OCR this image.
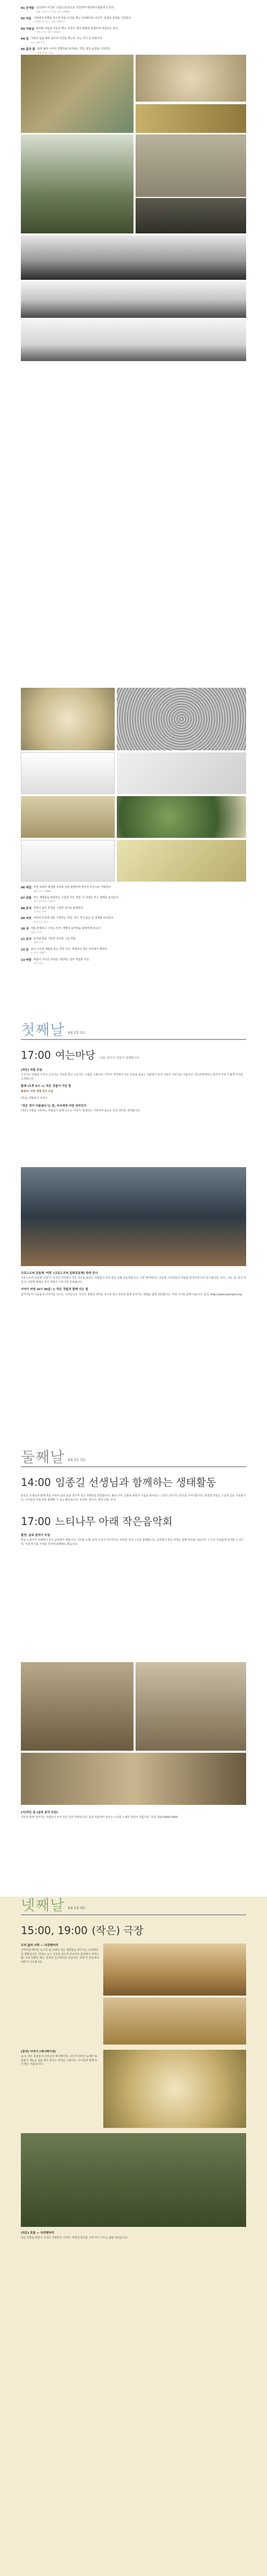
01 산새들 런던에서 사진과 그림(드로잉)으로 작업하며 영국에서 활동하고 있다.
해외 사진작가 / 영국 거주 / 2008~
02 마을 서울에서 텃밭을 일구며 마을 사진을 찍는 다큐멘터리 사진가. 일상의 풍경을 기록한다.
다큐멘터리 사진 / 서울 / 2012~
03 여름날 바다와 하늘을 꾸준히 찍는 사진가. 빛의 변화를 관찰하며 작업하고 있다.
풍경 사진 / 제주 / 2010~
04 길 자연의 길을 따라 걸으며 사진을 찍는다. 걷는 것이 곧 작업이다.
도보 여행 사진
05 흙과 풀 흙과 풀과 나무의 생명력을 담아내는 작업. 땅의 숨결을 기록한다.
생태 사진 / 강원
06 채집 자연 속에서 채집한 씨앗과 잎을 관찰하며 현미경 사진으로 기록한다.
생태 기록 / 2009~
07 관찰 작은 생명들을 관찰하는 그림과 사진 작업. 이 작업은 미시 세계를 보여준다.
과학 일러스트 / 2011~
08 흔적 자연이 남긴 흔적을 그림과 글씨로 표현한다.
드로잉 / 서예
09 씨앗 씨앗의 모양과 색을 기록하는 작업. 작은 것이 품은 큰 세계를 보여준다.
씨앗 도감 작업
10 새 새를 관찰하고 그리는 작가. 생명의 움직임을 섬세하게 담는다.
생물 드로잉
11 둥지 둥지와 알을 기록한 사진과 그림 작업.
생태 기록
12 숲 숲의 시간과 계절을 담은 연작 사진. 계절마다 같은 자리에서 찍었다.
숲 연작 / 2007~
13 바람 바람이 지나간 자리를 기록하는 설치 작업과 사진.
설치 미술
첫째날 9월 2일 (토)
17:00 여는마당 사회: 참가자 전원이 함께합니다
(작은) 자들 모임
누군가는 텃밭을 가꾸고 누군가는 사진을 찍고 누군가는 그림을 그립니다. 각자의 자리에서 작은 것들을 돌보는 사람들이 모여 서로의 이야기를 나눕니다. 여는마당에서는 참가자 모두가 짧게 자신을 소개합니다.
발제 (오후 5시~): 작은 것들이 가진 힘
발제자: 자연 생태 작가 모임
(작은) 생명들의 이야기
"작은 것이 아름답다"는 말, 우리에게 어떤 의미인가
(작은) 식물을 기록하는 사람들이 함께 나누는 이야기. 관찰하고 기록하며 돌보는 일의 의미를 생각합니다.
크로스오버 공동체 '여럿' (크로스오버 문화공동체) 연대 전시
크로스오버 공동체 '여럿'은 각자의 자리에서 작은 것들을 돌보는 사람들이 모여 만든 문화 공동체입니다. 이번 행사에서는 공동체 구성원들의 작업을 한자리에 모아 전시합니다. 사진, 그림, 글, 설치 작업 등 다양한 매체로 작은 생명의 이야기를 들려줍니다.
이야기 마당 (6시 30분~): 작은 것들과 함께 사는 법
참가자들이 자유롭게 이야기를 나누는 시간입니다. 각자의 경험과 생각을 나누며 작은 것들과 함께 살아가는 방법을 함께 고민합니다. 저녁 식사를 함께 나눕니다. 문의: http://www.example.org
둘째날 9월 3일 (일)
14:00 임종길 선생님과 함께하는 생태활동
임종길 선생님과 함께 마을 주변의 숲과 들을 걸으며 작은 생명들을 관찰합니다. 풀과 나무, 곤충과 새들의 이름을 알아보고 그들이 살아가는 방식을 이야기합니다. 관찰한 것들은 그림과 글로 기록합니다. 아이들과 어른 모두 함께할 수 있는 활동입니다. 준비물: 필기구, 편한 신발, 모자.
17:00 느티나무 아래 작은음악회
출연: 숲속 음악가 모임
마을 느티나무 아래에서 작은 음악회가 열립니다. 기타와 노래, 피리 소리가 어우러지는 따뜻한 저녁 시간을 함께합니다. 음악회가 끝난 뒤에는 함께 저녁을 나눕니다. 누구나 자유롭게 참여할 수 있으며, 직접 악기를 가져와 연주에 함께해도 좋습니다.
(사)작은 숲 (숲속 음악 모임)
자연과 함께 살아가는 사람들이 모여 만든 음악 모임입니다. 숲과 마을에서 만나는 소리를 노래로 만들어 부릅니다. 문의: 010-0000-0000
넷째날 9월 5일 (화)
15:00, 19:00 (작은) 극장
우리 삶의 사막 — 다큐멘터리
사막처럼 메마른 도시의 삶 속에서 작은 생명들을 찾아가는 다큐멘터리 영화입니다. 감독은 도시 곳곳을 걸으며 콘크리트 틈새에서 자라는 풀, 옥상 텃밭의 채소, 골목의 길고양이를 만납니다. 상영 후 감독과의 대화가 이어집니다.
(꿈의) 이야기 (애니메이션)
숲 속 작은 동물들이 주인공인 애니메이션. 나무가 사라진 숲에서 동물들이 새로운 집을 찾아 떠나는 여정을 그립니다. 아이들과 함께 보기 좋은 작품입니다.
(작은) 로봇 — 다큐멘터리
작은 것들을 만들고 고치는 사람들의 이야기. 버려진 물건을 고쳐 쓰고 나누는 삶을 담았습니다.
